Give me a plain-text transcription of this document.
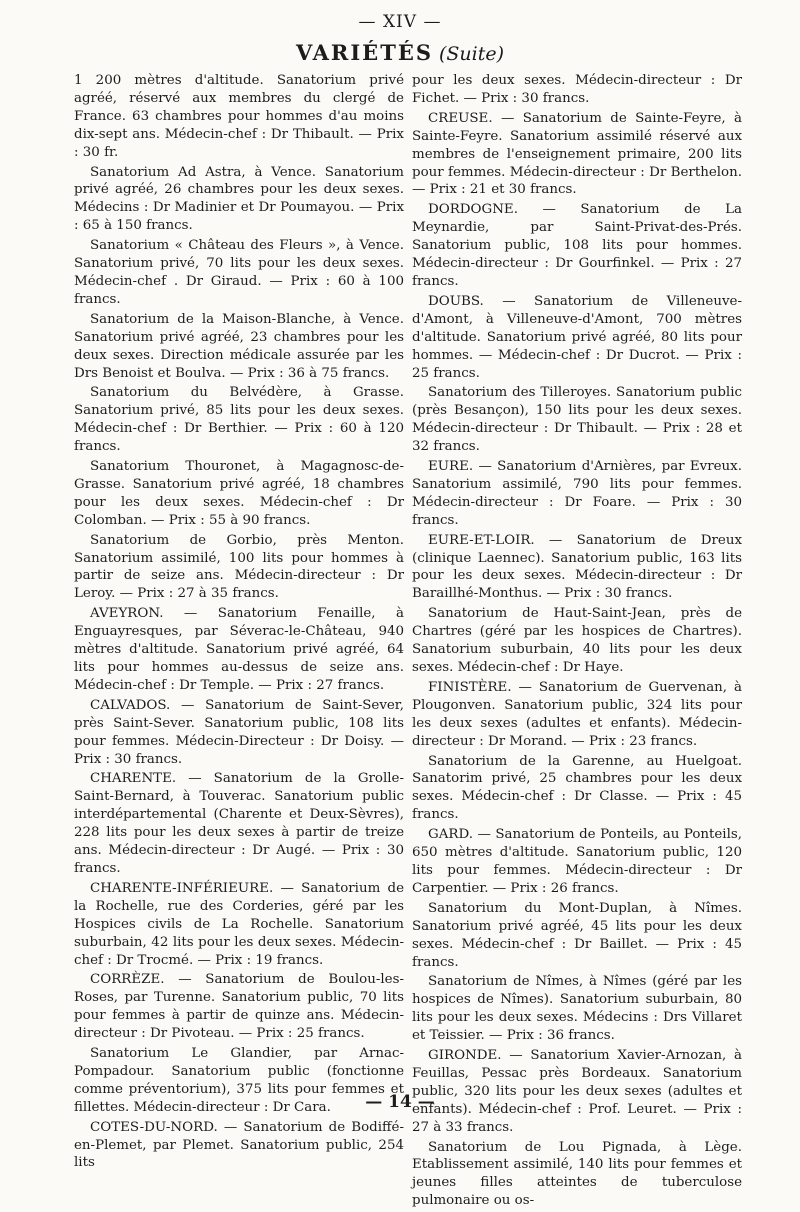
— XIV —
VARIÉTÉS (Suite)

1 200 mètres d'altitude. Sanatorium privé agréé, réservé aux membres du clergé de France. 63 chambres pour hommes d'au moins dix-sept ans. Médecin-chef : Dr Thibault. — Prix : 30 fr.

Sanatorium Ad Astra, à Vence. Sanatorium privé agréé, 26 chambres pour les deux sexes. Médecins : Dr Madinier et Dr Poumayou. — Prix : 65 à 150 francs.

Sanatorium « Château des Fleurs », à Vence. Sanatorium privé, 70 lits pour les deux sexes. Médecin-chef . Dr Giraud. — Prix : 60 à 100 francs.

Sanatorium de la Maison-Blanche, à Vence. Sanatorium privé agréé, 23 chambres pour les deux sexes. Direction médicale assurée par les Drs Benoist et Boulva. — Prix : 36 à 75 francs.

Sanatorium du Belvédère, à Grasse. Sanatorium privé, 85 lits pour les deux sexes. Médecin-chef : Dr Berthier. — Prix : 60 à 120 francs.

Sanatorium Thouronet, à Magagnosc-de-Grasse. Sanatorium privé agréé, 18 chambres pour les deux sexes. Médecin-chef : Dr Colomban. — Prix : 55 à 90 francs.

Sanatorium de Gorbio, près Menton. Sanatorium assimilé, 100 lits pour hommes à partir de seize ans. Médecin-directeur : Dr Leroy. — Prix : 27 à 35 francs.

AVEYRON. — Sanatorium Fenaille, à Enguayresques, par Séverac-le-Château, 940 mètres d'altitude. Sanatorium privé agréé, 64 lits pour hommes au-dessus de seize ans. Médecin-chef : Dr Temple. — Prix : 27 francs.

CALVADOS. — Sanatorium de Saint-Sever, près Saint-Sever. Sanatorium public, 108 lits pour femmes. Médecin-Directeur : Dr Doisy. — Prix : 30 francs.

CHARENTE. — Sanatorium de la Grolle-Saint-Bernard, à Touverac. Sanatorium public interdépartemental (Charente et Deux-Sèvres), 228 lits pour les deux sexes à partir de treize ans. Médecin-directeur : Dr Augé. — Prix : 30 francs.

CHARENTE-INFÉRIEURE. — Sanatorium de la Rochelle, rue des Corderies, géré par les Hospices civils de La Rochelle. Sanatorium suburbain, 42 lits pour les deux sexes. Médecin-chef : Dr Trocmé. — Prix : 19 francs.

CORRÈZE. — Sanatorium de Boulou-les-Roses, par Turenne. Sanatorium public, 70 lits pour femmes à partir de quinze ans. Médecin-directeur : Dr Pivoteau. — Prix : 25 francs.

Sanatorium Le Glandier, par Arnac-Pompadour. Sanatorium public (fonctionne comme préventorium), 375 lits pour femmes et fillettes. Médecin-directeur : Dr Cara.

COTES-DU-NORD. — Sanatorium de Bodiffé-en-Plemet, par Plemet. Sanatorium public, 254 lits

pour les deux sexes. Médecin-directeur : Dr Fichet. — Prix : 30 francs.

CREUSE. — Sanatorium de Sainte-Feyre, à Sainte-Feyre. Sanatorium assimilé réservé aux membres de l'enseignement primaire, 200 lits pour femmes. Médecin-directeur : Dr Berthelon. — Prix : 21 et 30 francs.

DORDOGNE. — Sanatorium de La Meynardie, par Saint-Privat-des-Prés. Sanatorium public, 108 lits pour hommes. Médecin-directeur : Dr Gourfinkel. — Prix : 27 francs.

DOUBS. — Sanatorium de Villeneuve-d'Amont, à Villeneuve-d'Amont, 700 mètres d'altitude. Sanatorium privé agréé, 80 lits pour hommes. — Médecin-chef : Dr Ducrot. — Prix : 25 francs.

Sanatorium des Tilleroyes. Sanatorium public (près Besançon), 150 lits pour les deux sexes. Médecin-directeur : Dr Thibault. — Prix : 28 et 32 francs.

EURE. — Sanatorium d'Arnières, par Evreux. Sanatorium assimilé, 790 lits pour femmes. Médecin-directeur : Dr Foare. — Prix : 30 francs.

EURE-ET-LOIR. — Sanatorium de Dreux (clinique Laennec). Sanatorium public, 163 lits pour les deux sexes. Médecin-directeur : Dr Baraillhé-Monthus. — Prix : 30 francs.

Sanatorium de Haut-Saint-Jean, près de Chartres (géré par les hospices de Chartres). Sanatorium suburbain, 40 lits pour les deux sexes. Médecin-chef : Dr Haye.

FINISTÈRE. — Sanatorium de Guervenan, à Plougonven. Sanatorium public, 324 lits pour les deux sexes (adultes et enfants). Médecin-directeur : Dr Morand. — Prix : 23 francs.

Sanatorium de la Garenne, au Huelgoat. Sanatorim privé, 25 chambres pour les deux sexes. Médecin-chef : Dr Classe. — Prix : 45 francs.

GARD. — Sanatorium de Ponteils, au Ponteils, 650 mètres d'altitude. Sanatorium public, 120 lits pour femmes. Médecin-directeur : Dr Carpentier. — Prix : 26 francs.

Sanatorium du Mont-Duplan, à Nîmes. Sanatorium privé agréé, 45 lits pour les deux sexes. Médecin-chef : Dr Baillet. — Prix : 45 francs.

Sanatorium de Nîmes, à Nîmes (géré par les hospices de Nîmes). Sanatorium suburbain, 80 lits pour les deux sexes. Médecins : Drs Villaret et Teissier. — Prix : 36 francs.

GIRONDE. — Sanatorium Xavier-Arnozan, à Feuillas, Pessac près Bordeaux. Sanatorium public, 320 lits pour les deux sexes (adultes et enfants). Médecin-chef : Prof. Leuret. — Prix : 27 à 33 francs.

Sanatorium de Lou Pignada, à Lège. Etablissement assimilé, 140 lits pour femmes et jeunes filles atteintes de tuberculose pulmonaire ou os-

— 14 —
